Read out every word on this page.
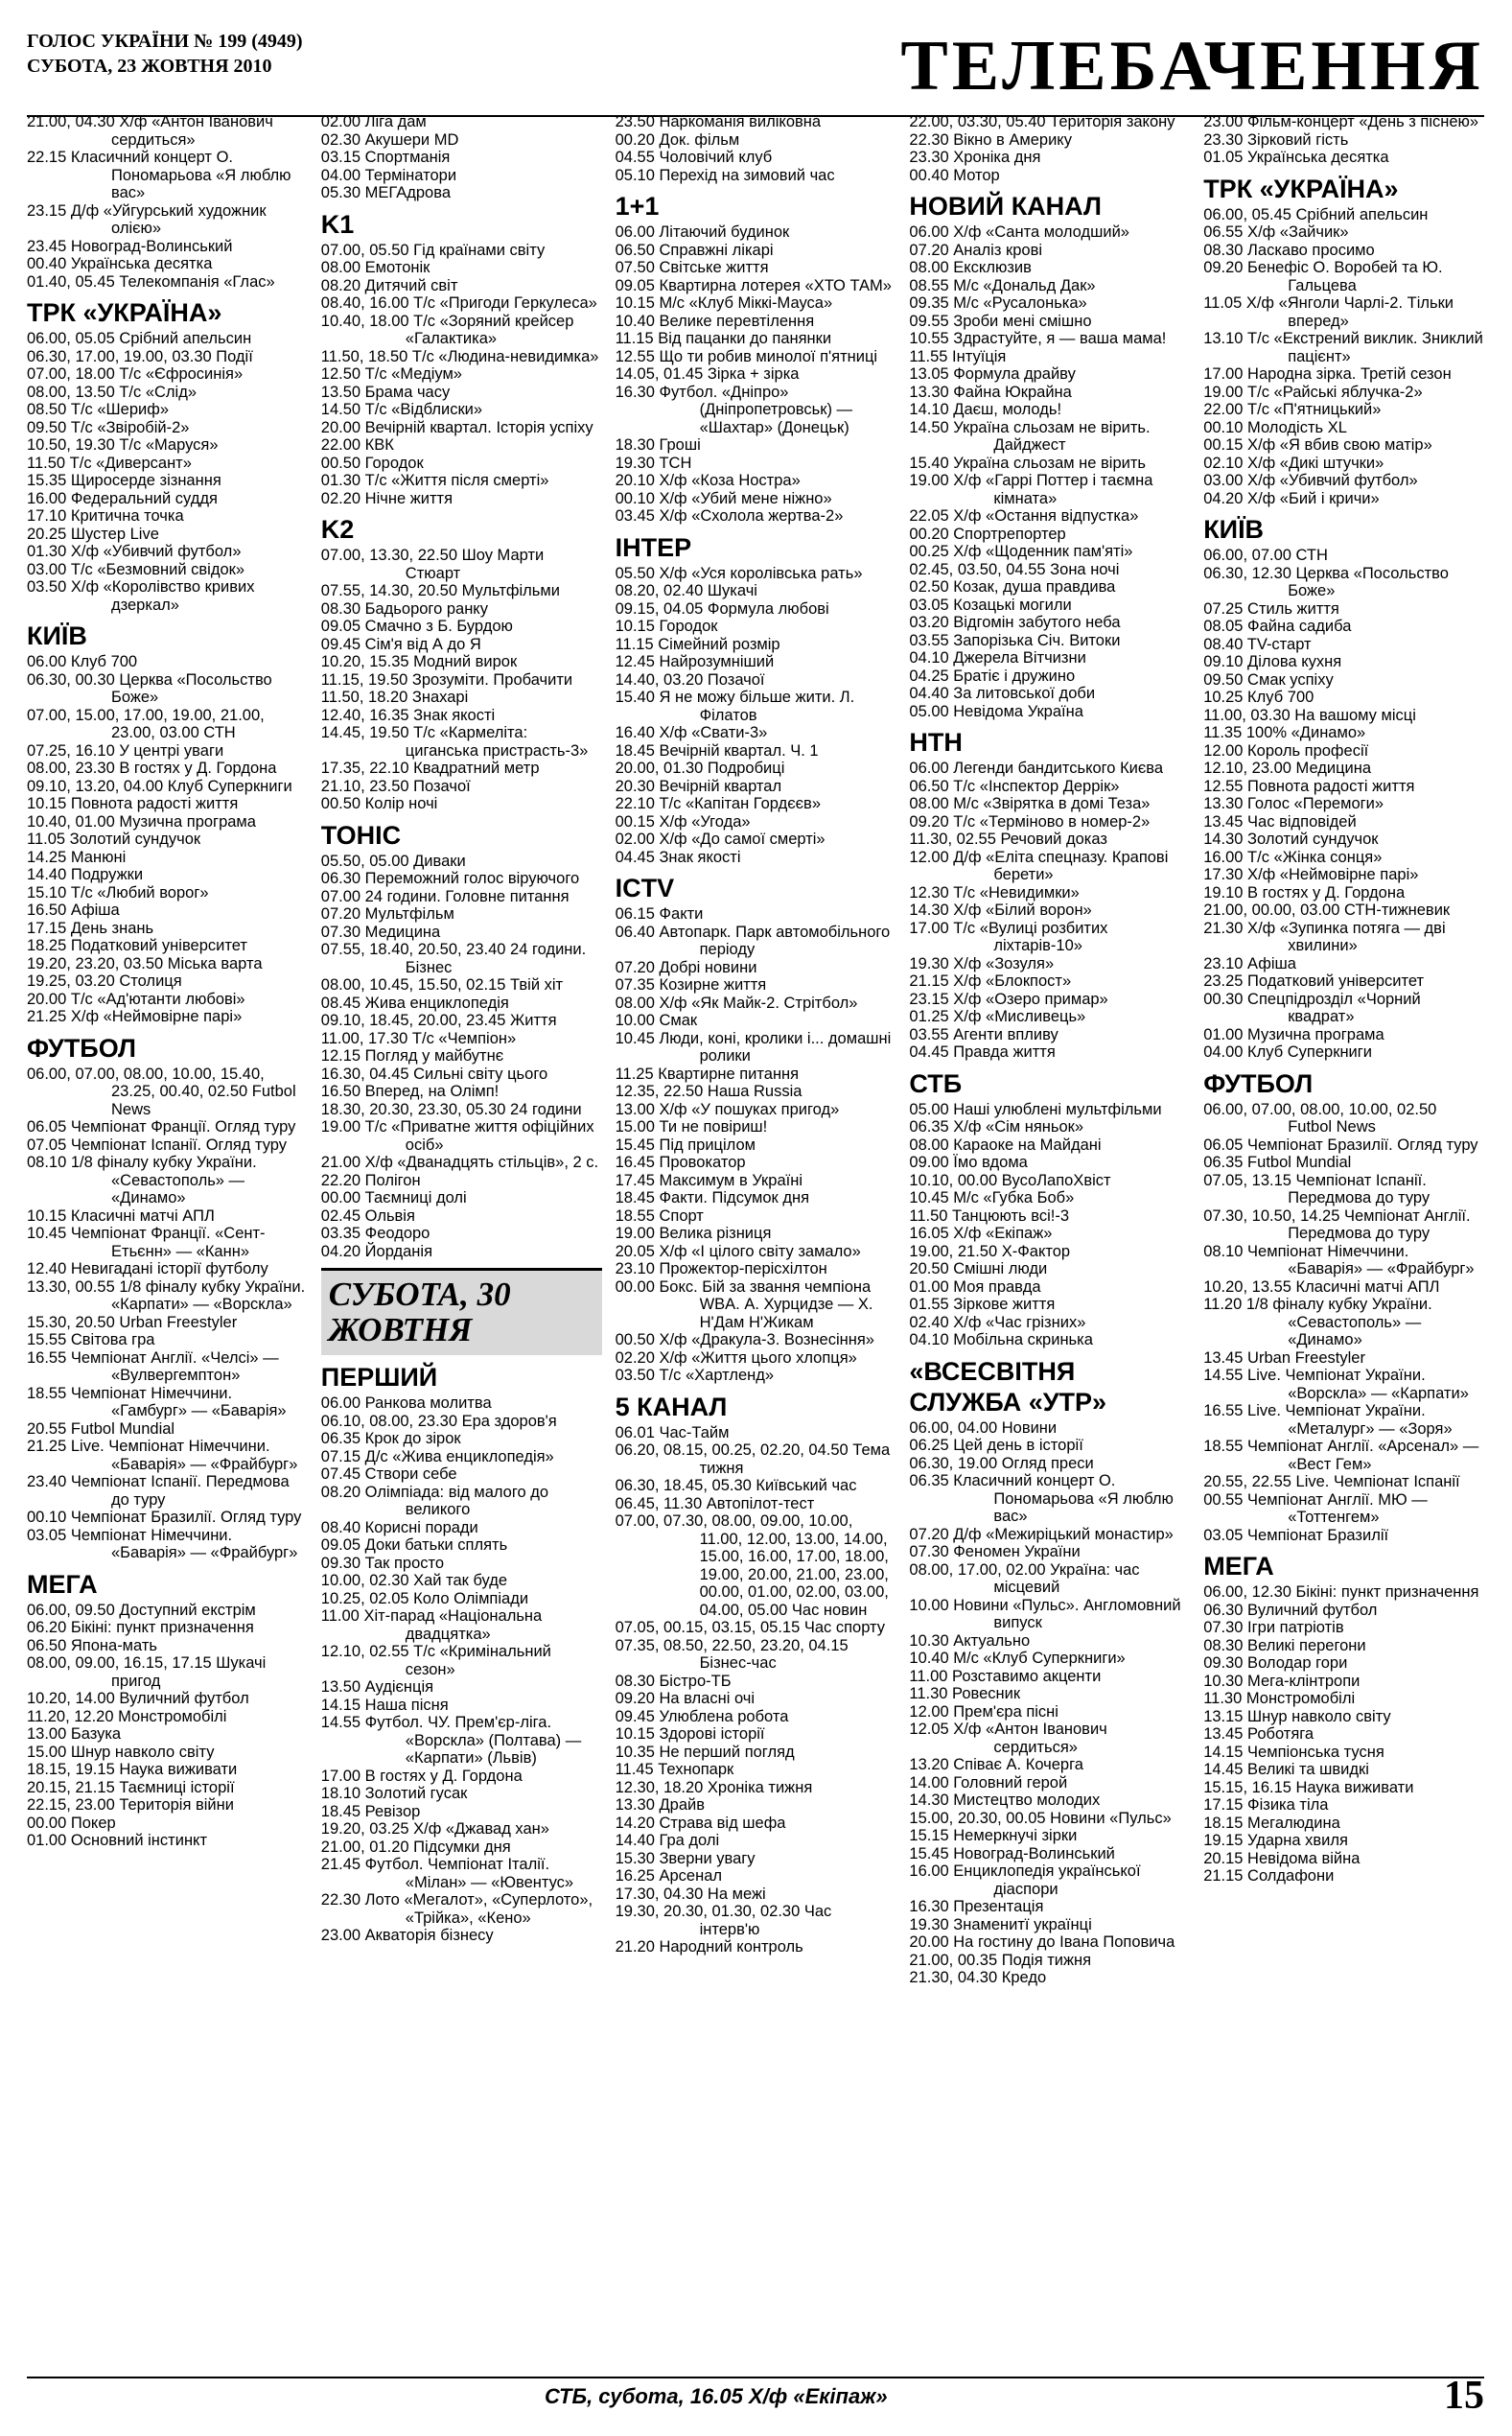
ГОЛОС УКРАЇНИ № 199 (4949)
СУБОТА, 23 ЖОВТНЯ 2010	ТЕЛЕБАЧЕННЯ
21.00, 04.30 Х/ф «Антон Іванович сердиться»
22.15 Класичний концерт О. Пономарьова «Я люблю вас»
23.15 Д/ф «Уйгурський художник олією»
23.45 Новоград-Волинський
00.40 Українська десятка
01.40, 05.45 Телекомпанія «Глас»
ТРК «УКРАЇНА»
06.00, 05.05 Срібний апельсин
06.30, 17.00, 19.00, 03.30 Події
07.00, 18.00 Т/с «Єфросинія»
08.00, 13.50 Т/с «Слід»
08.50 Т/с «Шериф»
09.50 Т/с «Звіробій-2»
10.50, 19.30 Т/с «Маруся»
11.50 Т/с «Диверсант»
15.35 Щиросерде зізнання
16.00 Федеральний суддя
17.10 Критична точка
20.25 Шустер Live
01.30 Х/ф «Убивчий футбол»
03.00 Т/с «Безмовний свідок»
03.50 Х/ф «Королівство кривих дзеркал»
КИЇВ
06.00 Клуб 700
06.30, 00.30 Церква «Посольство Боже»
07.00, 15.00, 17.00, 19.00, 21.00, 23.00, 03.00 СТН
07.25, 16.10 У центрі уваги
08.00, 23.30 В гостях у Д. Гордона
09.10, 13.20, 04.00 Клуб Суперкниги
10.15 Повнота радості життя
10.40, 01.00 Музична програма
11.05 Золотий сундучок
14.25 Манюні
14.40 Подружки
15.10 Т/с «Любий ворог»
16.50 Афіша
17.15 День знань
18.25 Податковий університет
19.20, 23.20, 03.50 Міська варта
19.25, 03.20 Столиця
20.00 Т/с «Ад'ютанти любові»
21.25 Х/ф «Неймовірне парі»
ФУТБОЛ
06.00, 07.00, 08.00, 10.00, 15.40, 23.25, 00.40, 02.50 Futbol News
06.05 Чемпіонат Франції. Огляд туру
07.05 Чемпіонат Іспанії. Огляд туру
08.10 1/8 фіналу кубку України. «Севастополь» — «Динамо»
10.15 Класичні матчі АПЛ
10.45 Чемпіонат Франції. «Сент-Етьєнн» — «Канн»
12.40 Невигадані історії футболу
13.30, 00.55 1/8 фіналу кубку України. «Карпати» — «Ворскла»
15.30, 20.50 Urban Freestyler
15.55 Світова гра
16.55 Чемпіонат Англії. «Челсі» — «Вулвергемптон»
18.55 Чемпіонат Німеччини. «Гамбург» — «Баварія»
20.55 Futbol Mundial
21.25 Live. Чемпіонат Німеччини. «Баварія» — «Фрайбург»
23.40 Чемпіонат Іспанії. Передмова до туру
00.10 Чемпіонат Бразилії. Огляд туру
03.05 Чемпіонат Німеччини. «Баварія» — «Фрайбург»
МЕГА
06.00, 09.50 Доступний екстрім
06.20 Бікіні: пункт призначення
06.50 Япона-мать
08.00, 09.00, 16.15, 17.15 Шукачі пригод
10.20, 14.00 Вуличний футбол
11.20, 12.20 Монстромобілі
13.00 Базука
15.00 Шнур навколо світу
18.15, 19.15 Наука виживати
20.15, 21.15 Таємниці історії
22.15, 23.00 Територія війни
00.00 Покер
01.00 Основний інстинкт
02.00 Ліга дам
02.30 Акушери MD
03.15 Спортманія
04.00 Термінатори
05.30 МЕГАдрова
K1
07.00, 05.50 Гід країнами світу
08.00 Емотонік
08.20 Дитячий світ
08.40, 16.00 Т/с «Пригоди Геркулеса»
10.40, 18.00 Т/с «Зоряний крейсер «Галактика»
11.50, 18.50 Т/с «Людина-невидимка»
12.50 Т/с «Медіум»
13.50 Брама часу
14.50 Т/с «Відблиски»
20.00 Вечірній квартал. Історія успіху
22.00 КВК
00.50 Городок
01.30 Т/с «Життя після смерті»
02.20 Нічне життя
K2
07.00, 13.30, 22.50 Шоу Марти Стюарт
07.55, 14.30, 20.50 Мультфільми
08.30 Бадьорого ранку
09.05 Смачно з Б. Бурдою
09.45 Сім'я від А до Я
10.20, 15.35 Модний вирок
11.15, 19.50 Зрозуміти. Пробачити
11.50, 18.20 Знахарі
12.40, 16.35 Знак якості
14.45, 19.50 Т/с «Кармеліта: циганська пристрасть-3»
17.35, 22.10 Квадратний метр
21.10, 23.50 Позачої
00.50 Колір ночі
ТОНІС
05.50, 05.00 Диваки
06.30 Переможний голос віруючого
07.00 24 години. Головне питання
07.20 Мультфільм
07.30 Медицина
07.55, 18.40, 20.50, 23.40 24 години. Бізнес
08.00, 10.45, 15.50, 02.15 Твій хіт
08.45 Жива енциклопедія
09.10, 18.45, 20.00, 23.45 Життя
11.00, 17.30 Т/с «Чемпіон»
12.15 Погляд у майбутнє
16.30, 04.45 Сильні світу цього
16.50 Вперед, на Олімп!
18.30, 20.30, 23.30, 05.30 24 години
19.00 Т/с «Приватне життя офіційних осіб»
21.00 Х/ф «Дванадцять стільців», 2 с.
22.20 Полігон
00.00 Таємниці долі
02.45 Ольвія
03.35 Феодоро
04.20 Йорданія
СУБОТА, 30 ЖОВТНЯ
ПЕРШИЙ
06.00 Ранкова молитва
06.10, 08.00, 23.30 Ера здоров'я
06.35 Крок до зірок
07.15 Д/с «Жива енциклопедія»
07.45 Створи себе
08.20 Олімпіада: від малого до великого
08.40 Корисні поради
09.05 Доки батьки сплять
09.30 Так просто
10.00, 02.30 Хай так буде
10.25, 02.05 Коло Олімпіади
11.00 Хіт-парад «Національна двадцятка»
12.10, 02.55 Т/с «Кримінальний сезон»
13.50 Аудієнція
14.15 Наша пісня
14.55 Футбол. ЧУ. Прем'єр-ліга. «Ворскла» (Полтава) — «Карпати» (Львів)
17.00 В гостях у Д. Гордона
18.10 Золотий гусак
18.45 Ревізор
19.20, 03.25 Х/ф «Джавад хан»
21.00, 01.20 Підсумки дня
21.45 Футбол. Чемпіонат Італії. «Мілан» — «Ювентус»
22.30 Лото «Мегалот», «Суперлото», «Трійка», «Кено»
23.00 Акваторія бізнесу
23.50 Наркоманія виліковна
00.20 Док. фільм
04.55 Чоловічий клуб
05.10 Перехід на зимовий час
1+1
06.00 Літаючий будинок
06.50 Справжні лікарі
07.50 Світське життя
09.05 Квартирна лотерея «ХТО ТАМ»
10.15 М/с «Клуб Міккі-Мауса»
10.40 Велике перевтілення
11.15 Від пацанки до панянки
12.55 Що ти робив минолої п'ятниці
14.05, 01.45 Зірка + зірка
16.30 Футбол. «Дніпро» (Дніпропетровськ) — «Шахтар» (Донецьк)
18.30 Гроші
19.30 ТСН
20.10 Х/ф «Коза Ностра»
00.10 Х/ф «Убий мене ніжно»
03.45 Х/ф «Схолола жертва-2»
ІНТЕР
05.50 Х/ф «Уся королівська рать»
08.20, 02.40 Шукачі
09.15, 04.05 Формула любові
10.15 Городок
11.15 Сімейний розмір
12.45 Найрозумніший
14.40, 03.20 Позачої
15.40 Я не можу більше жити. Л. Філатов
16.40 Х/ф «Свати-3»
18.45 Вечірній квартал. Ч. 1
20.00, 01.30 Подробиці
20.30 Вечірній квартал
22.10 Т/с «Капітан Гордєєв»
00.15 Х/ф «Угода»
02.00 Х/ф «До самої смерті»
04.45 Знак якості
ICTV
06.15 Факти
06.40 Автопарк. Парк автомобільного періоду
07.20 Добрі новини
07.35 Козирне життя
08.00 Х/ф «Як Майк-2. Стрітбол»
10.00 Смак
10.45 Люди, коні, кролики і... домашні ролики
11.25 Квартирне питання
12.35, 22.50 Наша Russia
13.00 Х/ф «У пошуках пригод»
15.00 Ти не повіриш!
15.45 Під прицілом
16.45 Провокатор
17.45 Максимум в Україні
18.45 Факти. Підсумок дня
18.55 Спорт
19.00 Велика різниця
20.05 Х/ф «І цілого світу замало»
23.10 Прожектор-перісхілтон
00.00 Бокс. Бій за звання чемпіона WBA. А. Хурцидзе — Х. Н'Дам Н'Жикам
00.50 Х/ф «Дракула-3. Вознесіння»
02.20 Х/ф «Життя цього хлопця»
03.50 Т/с «Хартленд»
5 КАНАЛ
06.01 Час-Тайм
06.20, 08.15, 00.25, 02.20, 04.50 Тема тижня
06.30, 18.45, 05.30 Київський час
06.45, 11.30 Автопілот-тест
07.00, 07.30, 08.00, 09.00, 10.00, 11.00, 12.00, 13.00, 14.00, 15.00, 16.00, 17.00, 18.00, 19.00, 20.00, 21.00, 23.00, 00.00, 01.00, 02.00, 03.00, 04.00, 05.00 Час новин
07.05, 00.15, 03.15, 05.15 Час спорту
07.35, 08.50, 22.50, 23.20, 04.15 Бізнес-час
08.30 Бістро-ТБ
09.20 На власні очі
09.45 Улюблена робота
10.15 Здорові історії
10.35 Не перший погляд
11.45 Технопарк
12.30, 18.20 Хроніка тижня
13.30 Драйв
14.20 Страва від шефа
14.40 Гра долі
15.30 Зверни увагу
16.25 Арсенал
17.30, 04.30 На межі
19.30, 20.30, 01.30, 02.30 Час інтерв'ю
21.20 Народний контроль
22.00, 03.30, 05.40 Територія закону
22.30 Вікно в Америку
23.30 Хроніка дня
00.40 Мотор
НОВИЙ КАНАЛ
06.00 Х/ф «Санта молодший»
07.20 Аналіз крові
08.00 Ексклюзив
08.55 М/с «Дональд Дак»
09.35 М/с «Русалонька»
09.55 Зроби мені смішно
10.55 Здрастуйте, я — ваша мама!
11.55 Інтуїція
13.05 Формула драйву
13.30 Файна Юкрайна
14.10 Даєш, молодь!
14.50 Україна сльозам не вірить. Дайджест
15.40 Україна сльозам не вірить
19.00 Х/ф «Гаррі Поттер і таємна кімната»
22.05 Х/ф «Остання відпустка»
00.20 Спортрепортер
00.25 Х/ф «Щоденник пам'яті»
02.45, 03.50, 04.55 Зона ночі
02.50 Козак, душа правдива
03.05 Козацькі могили
03.20 Відгомін забутого неба
03.55 Запорізька Січ. Витоки
04.10 Джерела Вітчизни
04.25 Братіє і дружино
04.40 За литовської доби
05.00 Невідома Україна
НТН
06.00 Легенди бандитського Києва
06.50 Т/с «Інспектор Деррік»
08.00 М/с «Звірятка в домі Теза»
09.20 Т/с «Терміново в номер-2»
11.30, 02.55 Речовий доказ
12.00 Д/ф «Еліта спецназу. Крапові берети»
12.30 Т/с «Невидимки»
14.30 Х/ф «Білий ворон»
17.00 Т/с «Вулиці розбитих ліхтарів-10»
19.30 Х/ф «Зозуля»
21.15 Х/ф «Блокпост»
23.15 Х/ф «Озеро примар»
01.25 Х/ф «Мисливець»
03.55 Агенти впливу
04.45 Правда життя
СТБ
05.00 Наші улюблені мультфільми
06.35 Х/ф «Сім няньок»
08.00 Караоке на Майдані
09.00 Їмо вдома
10.10, 00.00 ВусоЛапоХвіст
10.45 М/с «Губка Боб»
11.50 Танцюють всі!-3
16.05 Х/ф «Екіпаж»
19.00, 21.50 Х-Фактор
20.50 Смішні люди
01.00 Моя правда
01.55 Зіркове життя
02.40 Х/ф «Час грізних»
04.10 Мобільна скринька
«ВСЕСВІТНЯ СЛУЖБА «УТР»
06.00, 04.00 Новини
06.25 Цей день в історії
06.30, 19.00 Огляд преси
06.35 Класичний концерт О. Пономарьова «Я люблю вас»
07.20 Д/ф «Межиріцький монастир»
07.30 Феномен України
08.00, 17.00, 02.00 Україна: час місцевий
10.00 Новини «Пульс». Англомовний випуск
10.30 Актуально
10.40 М/с «Клуб Суперкниги»
11.00 Розставимо акценти
11.30 Ровесник
12.00 Прем'єра пісні
12.05 Х/ф «Антон Іванович сердиться»
13.20 Співає А. Кочерга
14.00 Головний герой
14.30 Мистецтво молодих
15.00, 20.30, 00.05 Новини «Пульс»
15.15 Немеркнучі зірки
15.45 Новоград-Волинський
16.00 Енциклопедія української діаспори
16.30 Презентація
19.30 Знаменитї українці
20.00 На гостину до Івана Поповича
21.00, 00.35 Подія тижня
21.30, 04.30 Кредо
23.00 Фільм-концерт «День з піснею»
23.30 Зірковий гість
01.05 Українська десятка
ТРК «УКРАЇНА»
06.00, 05.45 Срібний апельсин
06.55 Х/ф «Зайчик»
08.30 Ласкаво просимо
09.20 Бенефіс О. Воробей та Ю. Гальцева
11.05 Х/ф «Янголи Чарлі-2. Тільки вперед»
13.10 Т/с «Екстрений виклик. Зниклий пацієнт»
17.00 Народна зірка. Третій сезон
19.00 Т/с «Райські яблучка-2»
22.00 Т/с «П'ятницький»
00.10 Молодість XL
00.15 Х/ф «Я вбив свою матір»
02.10 Х/ф «Дикі штучки»
03.00 Х/ф «Убивчий футбол»
04.20 Х/ф «Бий і кричи»
КИЇВ
06.00, 07.00 СТН
06.30, 12.30 Церква «Посольство Боже»
07.25 Стиль життя
08.05 Файна садиба
08.40 TV-старт
09.10 Ділова кухня
09.50 Смак успіху
10.25 Клуб 700
11.00, 03.30 На вашому місці
11.35 100% «Динамо»
12.00 Король професії
12.10, 23.00 Медицина
12.55 Повнота радості життя
13.30 Голос «Перемоги»
13.45 Час відповідей
14.30 Золотий сундучок
16.00 Т/с «Жінка сонця»
17.30 Х/ф «Неймовірне парі»
19.10 В гостях у Д. Гордона
21.00, 00.00, 03.00 СТН-тижневик
21.30 Х/ф «Зупинка потяга — дві хвилини»
23.10 Афіша
23.25 Податковий університет
00.30 Спецпідрозділ «Чорний квадрат»
01.00 Музична програма
04.00 Клуб Суперкниги
ФУТБОЛ
06.00, 07.00, 08.00, 10.00, 02.50 Futbol News
06.05 Чемпіонат Бразилії. Огляд туру
06.35 Futbol Mundial
07.05, 13.15 Чемпіонат Іспанії. Передмова до туру
07.30, 10.50, 14.25 Чемпіонат Англії. Передмова до туру
08.10 Чемпіонат Німеччини. «Баварія» — «Фрайбург»
10.20, 13.55 Класичні матчі АПЛ
11.20 1/8 фіналу кубку України. «Севастополь» — «Динамо»
13.45 Urban Freestyler
14.55 Live. Чемпіонат України. «Ворскла» — «Карпати»
16.55 Live. Чемпіонат України. «Металург» — «Зоря»
18.55 Чемпіонат Англії. «Арсенал» — «Вест Гем»
20.55, 22.55 Live. Чемпіонат Іспанії
00.55 Чемпіонат Англії. МЮ — «Тоттенгем»
03.05 Чемпіонат Бразилії
МЕГА
06.00, 12.30 Бікіні: пункт призначення
06.30 Вуличний футбол
07.30 Ігри патріотів
08.30 Великі перегони
09.30 Володар гори
10.30 Мега-клінтропи
11.30 Монстромобілі
13.15 Шнур навколо світу
13.45 Роботяга
14.15 Чемпіонська тусня
14.45 Великі та швидкі
15.15, 16.15 Наука виживати
17.15 Фізика тіла
18.15 Мегалюдина
19.15 Ударна хвиля
20.15 Невідома війна
21.15 Солдафони
СТБ, субота, 16.05 Х/ф «Екіпаж»	15
